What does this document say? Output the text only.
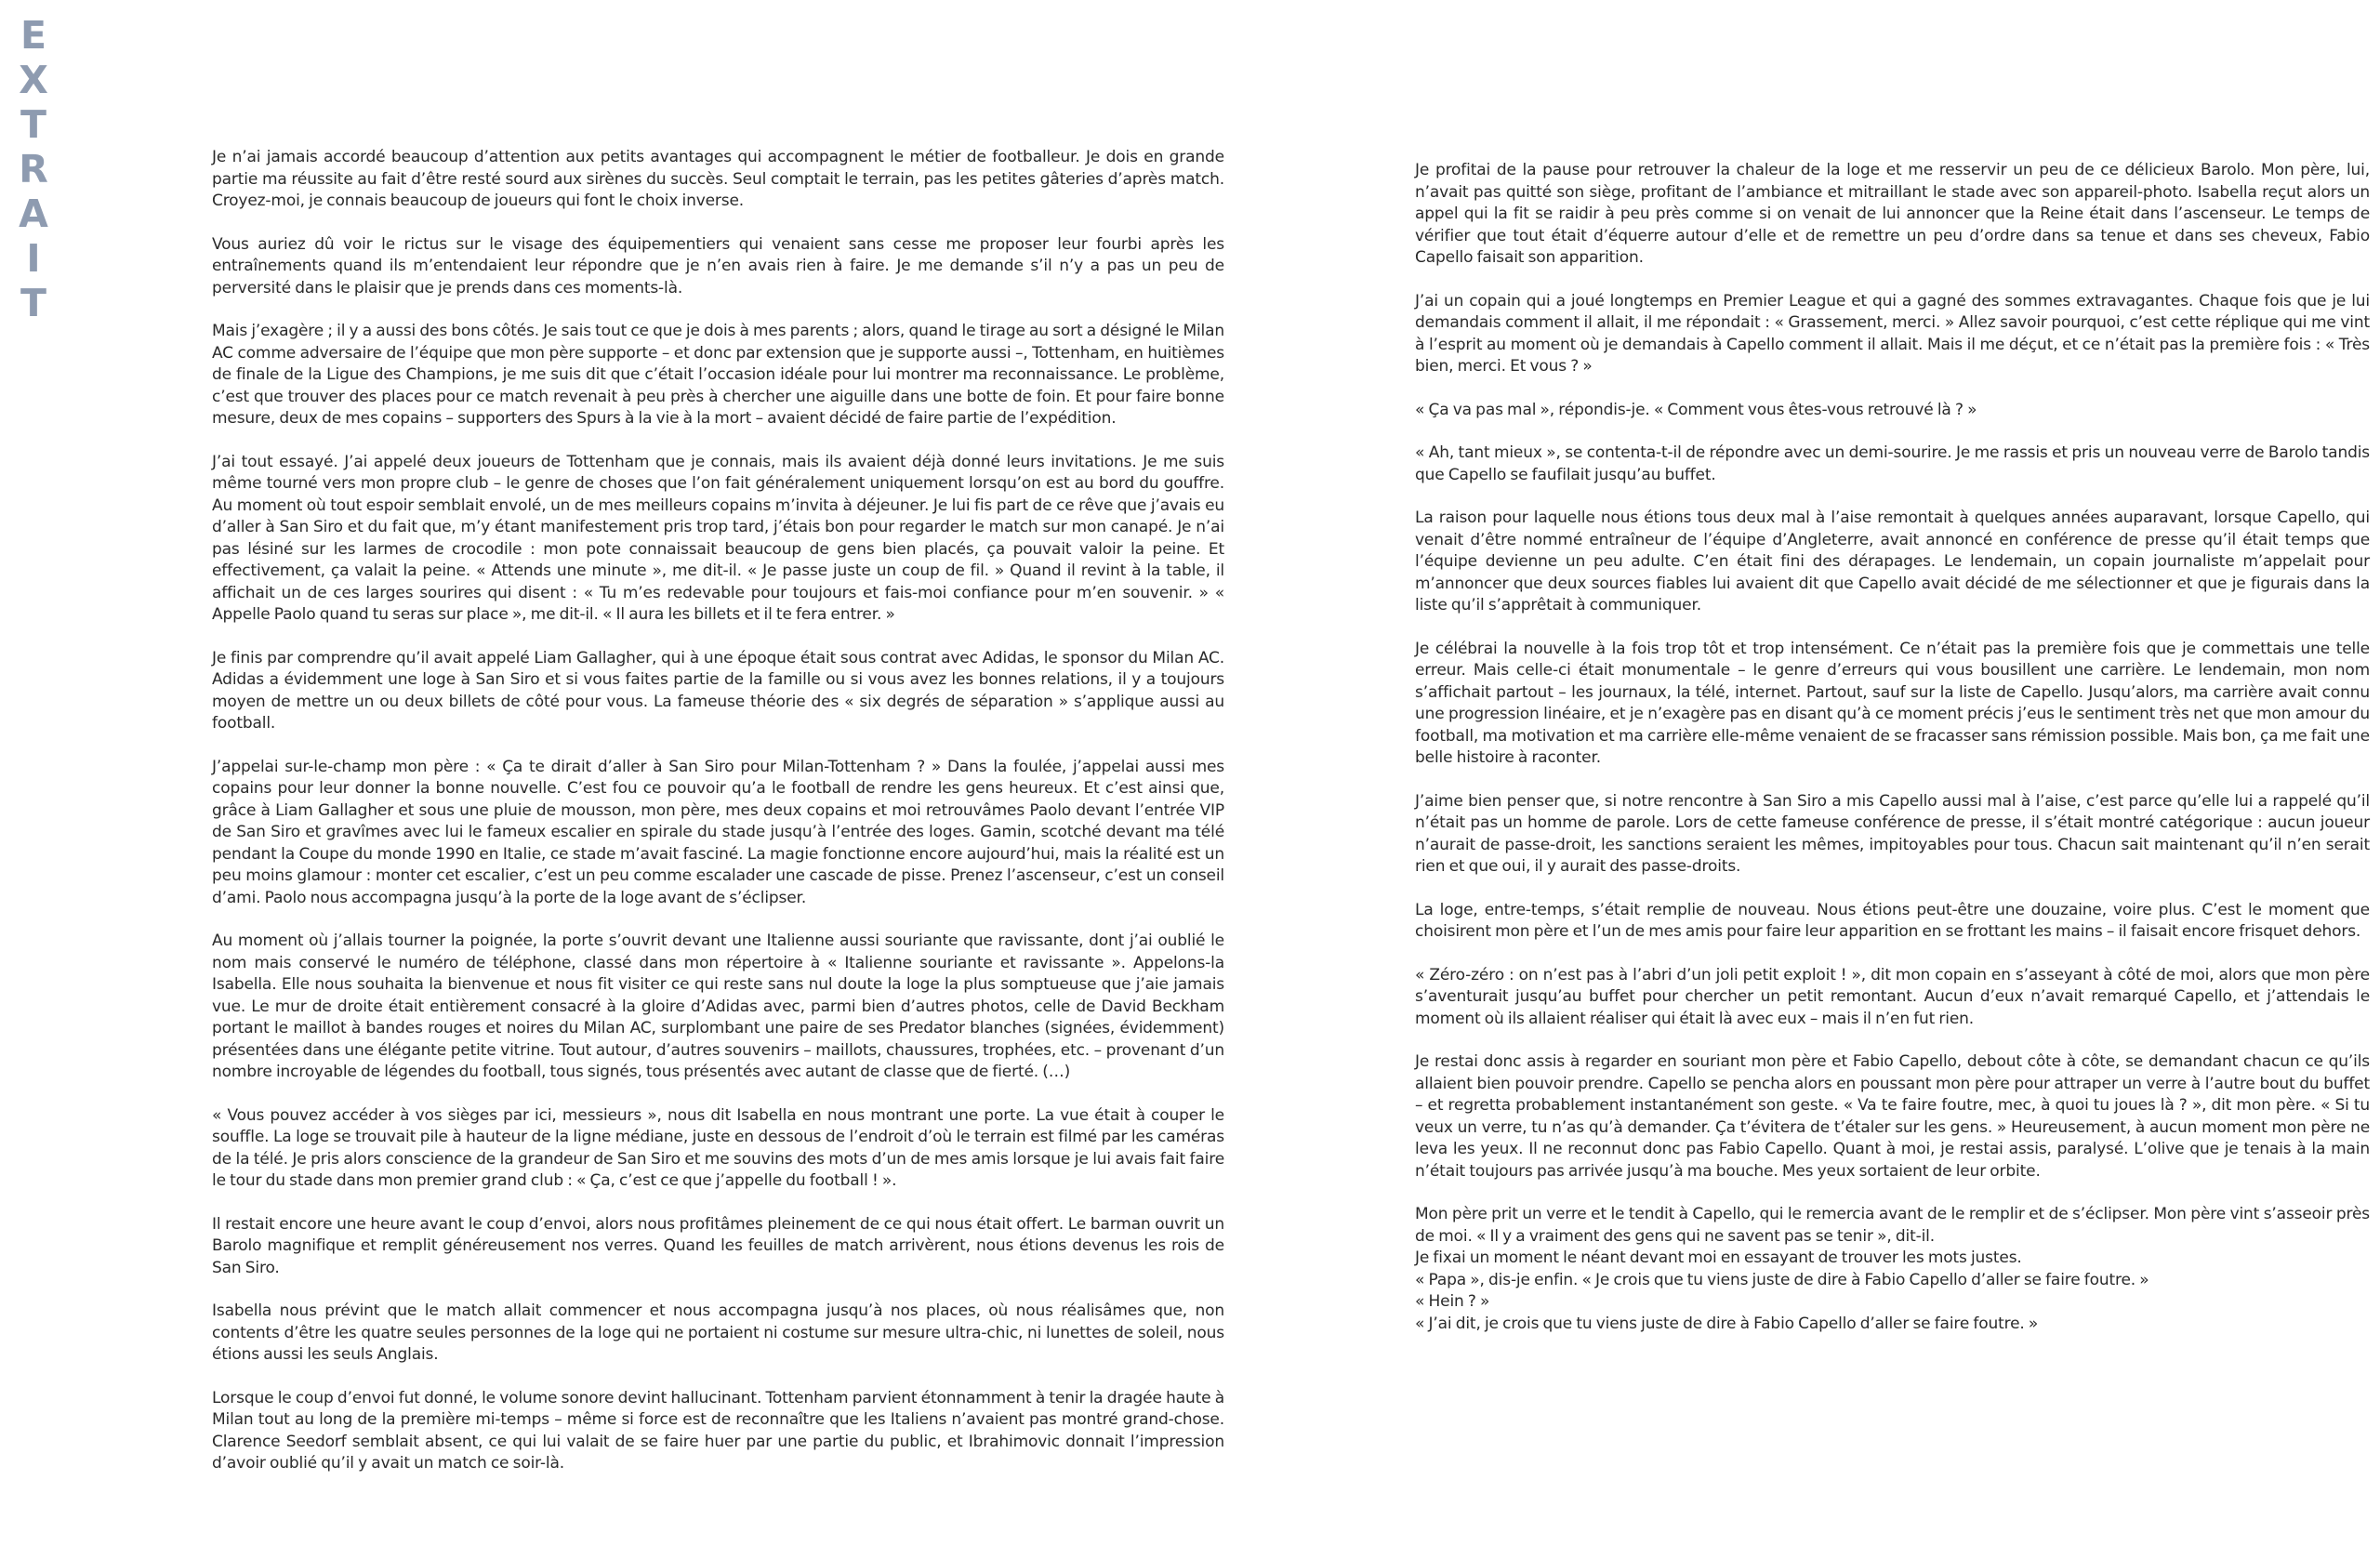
E
X
T
R
A
I
T

Je n’ai jamais accordé beaucoup d’attention aux petits avantages qui accompagnent le métier de footballeur. Je dois en grande partie ma réussite au fait d’être resté sourd aux sirènes du succès. Seul comptait le terrain, pas les petites gâteries d’après match. Croyez-moi, je connais beaucoup de joueurs qui font le choix inverse.

Vous auriez dû voir le rictus sur le visage des équipementiers qui venaient sans cesse me proposer leur fourbi après les entraînements quand ils m’entendaient leur répondre que je n’en avais rien à faire. Je me demande s’il n’y a pas un peu de perversité dans le plaisir que je prends dans ces moments-là.

Mais j’exagère ; il y a aussi des bons côtés. Je sais tout ce que je dois à mes parents ; alors, quand le tirage au sort a désigné le Milan AC comme adversaire de l’équipe que mon père supporte – et donc par extension que je supporte aussi –, Tottenham, en huitièmes de finale de la Ligue des Champions, je me suis dit que c’était l’occasion idéale pour lui montrer ma reconnaissance. Le problème, c’est que trouver des places pour ce match revenait à peu près à chercher une aiguille dans une botte de foin. Et pour faire bonne mesure, deux de mes copains – supporters des Spurs à la vie à la mort – avaient décidé de faire partie de l’expédition.

J’ai tout essayé. J’ai appelé deux joueurs de Tottenham que je connais, mais ils avaient déjà donné leurs invitations. Je me suis même tourné vers mon propre club – le genre de choses que l’on fait généralement uniquement lorsqu’on est au bord du gouffre. Au moment où tout espoir semblait envolé, un de mes meilleurs copains m’invita à déjeuner. Je lui fis part de ce rêve que j’avais eu d’aller à San Siro et du fait que, m’y étant manifestement pris trop tard, j’étais bon pour regarder le match sur mon canapé. Je n’ai pas lésiné sur les larmes de crocodile : mon pote connaissait beaucoup de gens bien placés, ça pouvait valoir la peine. Et effectivement, ça valait la peine. « Attends une minute », me dit-il. « Je passe juste un coup de fil. » Quand il revint à la table, il affichait un de ces larges sourires qui disent : « Tu m’es redevable pour toujours et fais-moi confiance pour m’en souvenir. » « Appelle Paolo quand tu seras sur place », me dit-il. « Il aura les billets et il te fera entrer. »

Je finis par comprendre qu’il avait appelé Liam Gallagher, qui à une époque était sous contrat avec Adidas, le sponsor du Milan AC. Adidas a évidemment une loge à San Siro et si vous faites partie de la famille ou si vous avez les bonnes relations, il y a toujours moyen de mettre un ou deux billets de côté pour vous. La fameuse théorie des « six degrés de séparation » s’applique aussi au football.

J’appelai sur-le-champ mon père : « Ça te dirait d’aller à San Siro pour Milan-Tottenham ? » Dans la foulée, j’appelai aussi mes copains pour leur donner la bonne nouvelle. C’est fou ce pouvoir qu’a le football de rendre les gens heureux. Et c’est ainsi que, grâce à Liam Gallagher et sous une pluie de mousson, mon père, mes deux copains et moi retrouvâmes Paolo devant l’entrée VIP de San Siro et gravîmes avec lui le fameux escalier en spirale du stade jusqu’à l’entrée des loges. Gamin, scotché devant ma télé pendant la Coupe du monde 1990 en Italie, ce stade m’avait fasciné. La magie fonctionne encore aujourd’hui, mais la réalité est un peu moins glamour : monter cet escalier, c’est un peu comme escalader une cascade de pisse. Prenez l’ascenseur, c’est un conseil d’ami. Paolo nous accompagna jusqu’à la porte de la loge avant de s’éclipser.

Au moment où j’allais tourner la poignée, la porte s’ouvrit devant une Italienne aussi souriante que ravissante, dont j’ai oublié le nom mais conservé le numéro de téléphone, classé dans mon répertoire à « Italienne souriante et ravissante ». Appelons-la Isabella. Elle nous souhaita la bienvenue et nous fit visiter ce qui reste sans nul doute la loge la plus somptueuse que j’aie jamais vue. Le mur de droite était entièrement consacré à la gloire d’Adidas avec, parmi bien d’autres photos, celle de David Beckham portant le maillot à bandes rouges et noires du Milan AC, surplombant une paire de ses Predator blanches (signées, évidemment) présentées dans une élégante petite vitrine. Tout autour, d’autres souvenirs – maillots, chaussures, trophées, etc. – provenant d’un nombre incroyable de légendes du football, tous signés, tous présentés avec autant de classe que de fierté. (…)

« Vous pouvez accéder à vos sièges par ici, messieurs », nous dit Isabella en nous montrant une porte. La vue était à couper le souffle. La loge se trouvait pile à hauteur de la ligne médiane, juste en dessous de l’endroit d’où le terrain est filmé par les caméras de la télé. Je pris alors conscience de la grandeur de San Siro et me souvins des mots d’un de mes amis lorsque je lui avais fait faire le tour du stade dans mon premier grand club : « Ça, c’est ce que j’appelle du football ! ».

Il restait encore une heure avant le coup d’envoi, alors nous profitâmes pleinement de ce qui nous était offert. Le barman ouvrit un Barolo magnifique et remplit généreusement nos verres. Quand les feuilles de match arrivèrent, nous étions devenus les rois de San Siro.

Isabella nous prévint que le match allait commencer et nous accompagna jusqu’à nos places, où nous réalisâmes que, non contents d’être les quatre seules personnes de la loge qui ne portaient ni costume sur mesure ultra-chic, ni lunettes de soleil, nous étions aussi les seuls Anglais.

Lorsque le coup d’envoi fut donné, le volume sonore devint hallucinant. Tottenham parvient étonnamment à tenir la dragée haute à Milan tout au long de la première mi-temps – même si force est de reconnaître que les Italiens n’avaient pas montré grand-chose. Clarence Seedorf semblait absent, ce qui lui valait de se faire huer par une partie du public, et Ibrahimovic donnait l’impression d’avoir oublié qu’il y avait un match ce soir-là.

Je profitai de la pause pour retrouver la chaleur de la loge et me resservir un peu de ce délicieux Barolo. Mon père, lui, n’avait pas quitté son siège, profitant de l’ambiance et mitraillant le stade avec son appareil-photo. Isabella reçut alors un appel qui la fit se raidir à peu près comme si on venait de lui annoncer que la Reine était dans l’ascenseur. Le temps de vérifier que tout était d’équerre autour d’elle et de remettre un peu d’ordre dans sa tenue et dans ses cheveux, Fabio Capello faisait son apparition.

J’ai un copain qui a joué longtemps en Premier League et qui a gagné des sommes extravagantes. Chaque fois que je lui demandais comment il allait, il me répondait : « Grassement, merci. » Allez savoir pourquoi, c’est cette réplique qui me vint à l’esprit au moment où je demandais à Capello comment il allait. Mais il me déçut, et ce n’était pas la première fois : « Très bien, merci. Et vous ? »

« Ça va pas mal », répondis-je. « Comment vous êtes-vous retrouvé là ? »

« Ah, tant mieux », se contenta-t-il de répondre avec un demi-sourire. Je me rassis et pris un nouveau verre de Barolo tandis que Capello se faufilait jusqu’au buffet.

La raison pour laquelle nous étions tous deux mal à l’aise remontait à quelques années auparavant, lorsque Capello, qui venait d’être nommé entraîneur de l’équipe d’Angleterre, avait annoncé en conférence de presse qu’il était temps que l’équipe devienne un peu adulte. C’en était fini des dérapages. Le lendemain, un copain journaliste m’appelait pour m’annoncer que deux sources fiables lui avaient dit que Capello avait décidé de me sélectionner et que je figurais dans la liste qu’il s’apprêtait à communiquer.

Je célébrai la nouvelle à la fois trop tôt et trop intensément. Ce n’était pas la première fois que je commettais une telle erreur. Mais celle-ci était monumentale – le genre d’erreurs qui vous bousillent une carrière. Le lendemain, mon nom s’affichait partout – les journaux, la télé, internet. Partout, sauf sur la liste de Capello. Jusqu’alors, ma carrière avait connu une progression linéaire, et je n’exagère pas en disant qu’à ce moment précis j’eus le sentiment très net que mon amour du football, ma motivation et ma carrière elle-même venaient de se fracasser sans rémission possible. Mais bon, ça me fait une belle histoire à raconter.

J’aime bien penser que, si notre rencontre à San Siro a mis Capello aussi mal à l’aise, c’est parce qu’elle lui a rappelé qu’il n’était pas un homme de parole. Lors de cette fameuse conférence de presse, il s’était montré catégorique : aucun joueur n’aurait de passe-droit, les sanctions seraient les mêmes, impitoyables pour tous. Chacun sait maintenant qu’il n’en serait rien et que oui, il y aurait des passe-droits.

La loge, entre-temps, s’était remplie de nouveau. Nous étions peut-être une douzaine, voire plus. C’est le moment que choisirent mon père et l’un de mes amis pour faire leur apparition en se frottant les mains – il faisait encore frisquet dehors.

« Zéro-zéro : on n’est pas à l’abri d’un joli petit exploit ! », dit mon copain en s’asseyant à côté de moi, alors que mon père s’aventurait jusqu’au buffet pour chercher un petit remontant. Aucun d’eux n’avait remarqué Capello, et j’attendais le moment où ils allaient réaliser qui était là avec eux – mais il n’en fut rien.

Je restai donc assis à regarder en souriant mon père et Fabio Capello, debout côte à côte, se demandant chacun ce qu’ils allaient bien pouvoir prendre. Capello se pencha alors en poussant mon père pour attraper un verre à l’autre bout du buffet – et regretta probablement instantanément son geste. « Va te faire foutre, mec, à quoi tu joues là ? », dit mon père. « Si tu veux un verre, tu n’as qu’à demander. Ça t’évitera de t’étaler sur les gens. » Heureusement, à aucun moment mon père ne leva les yeux. Il ne reconnut donc pas Fabio Capello. Quant à moi, je restai assis, paralysé. L’olive que je tenais à la main n’était toujours pas arrivée jusqu’à ma bouche. Mes yeux sortaient de leur orbite.

Mon père prit un verre et le tendit à Capello, qui le remercia avant de le remplir et de s’éclipser. Mon père vint s’asseoir près de moi. « Il y a vraiment des gens qui ne savent pas se tenir », dit-il.
Je fixai un moment le néant devant moi en essayant de trouver les mots justes.
« Papa », dis-je enfin. « Je crois que tu viens juste de dire à Fabio Capello d’aller se faire foutre. »
« Hein ? »
« J’ai dit, je crois que tu viens juste de dire à Fabio Capello d’aller se faire foutre. »
